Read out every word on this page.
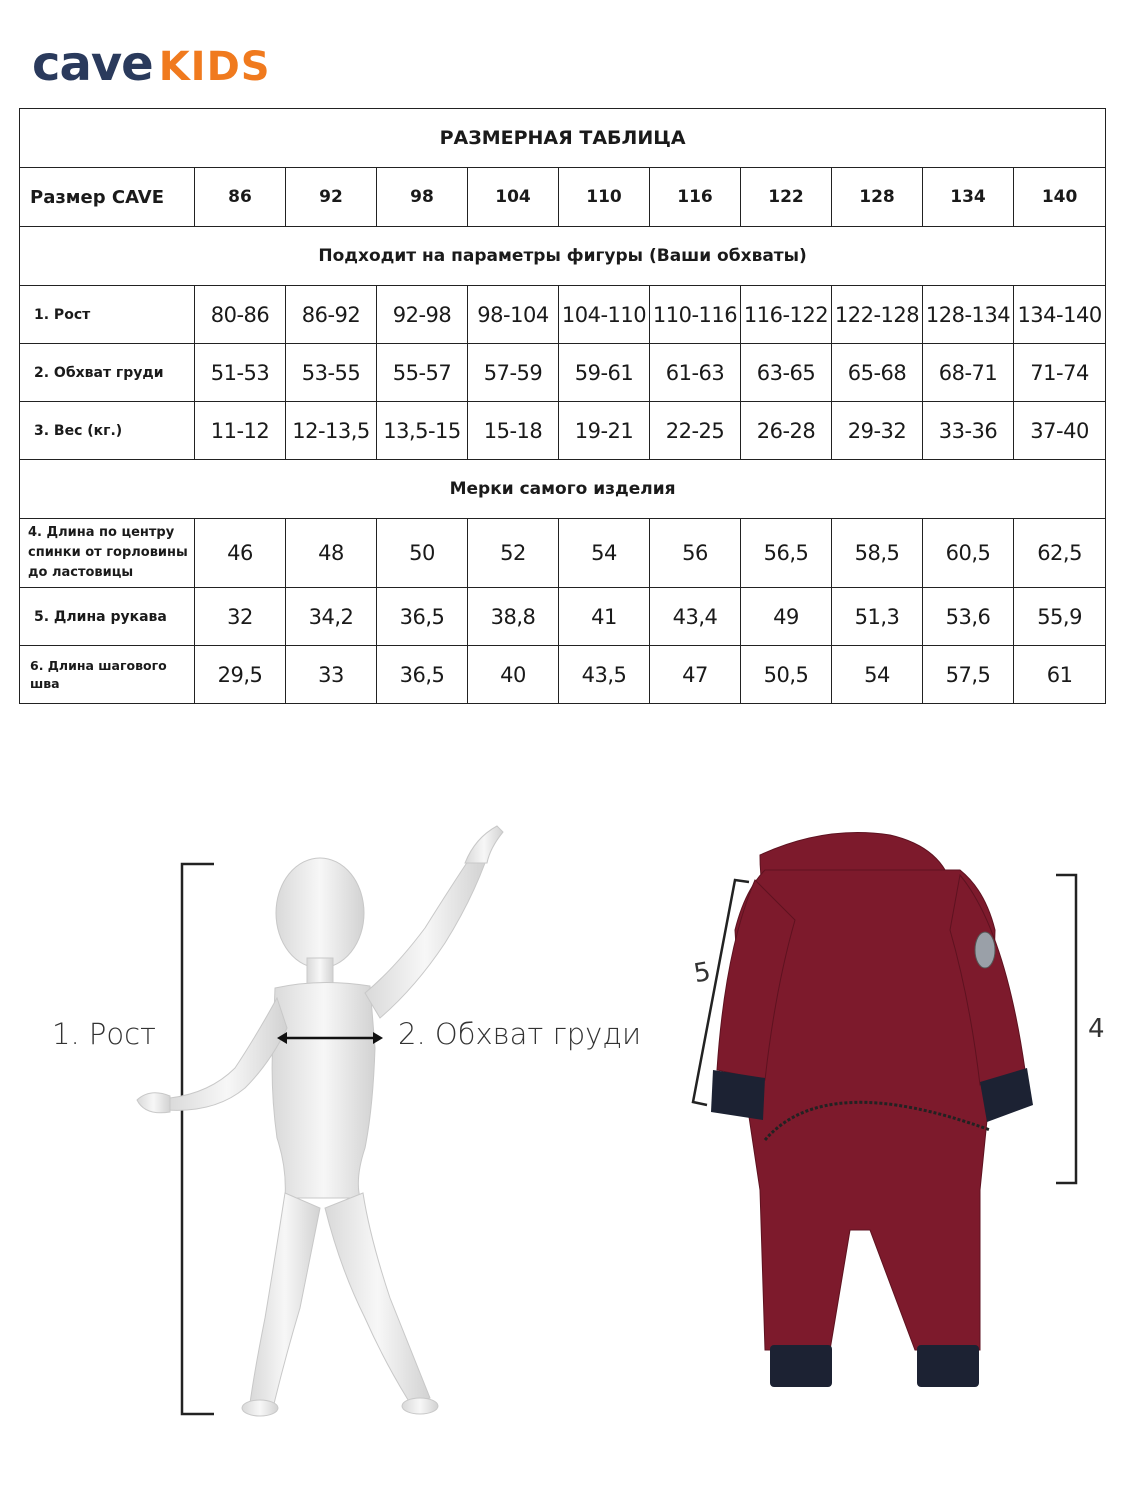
cave KIDS
РАЗМЕРНАЯ ТАБЛИЦА										
Размер CAVE	86	92	98	104	110	116	122	128	134	140
Подходит на параметры фигуры (Ваши обхваты)										
1. Рост	80-86	86-92	92-98	98-104	104-110	110-116	116-122	122-128	128-134	134-140
2. Обхват груди	51-53	53-55	55-57	57-59	59-61	61-63	63-65	65-68	68-71	71-74
3. Вес (кг.)	11-12	12-13,5	13,5-15	15-18	19-21	22-25	26-28	29-32	33-36	37-40
Мерки самого изделия										
4. Длина по центру спинки от горловины до ластовицы	46	48	50	52	54	56	56,5	58,5	60,5	62,5
5. Длина рукава	32	34,2	36,5	38,8	41	43,4	49	51,3	53,6	55,9
6. Длина шагового шва	29,5	33	36,5	40	43,5	47	50,5	54	57,5	61
1. Рост	2. Обхват груди
5
4
